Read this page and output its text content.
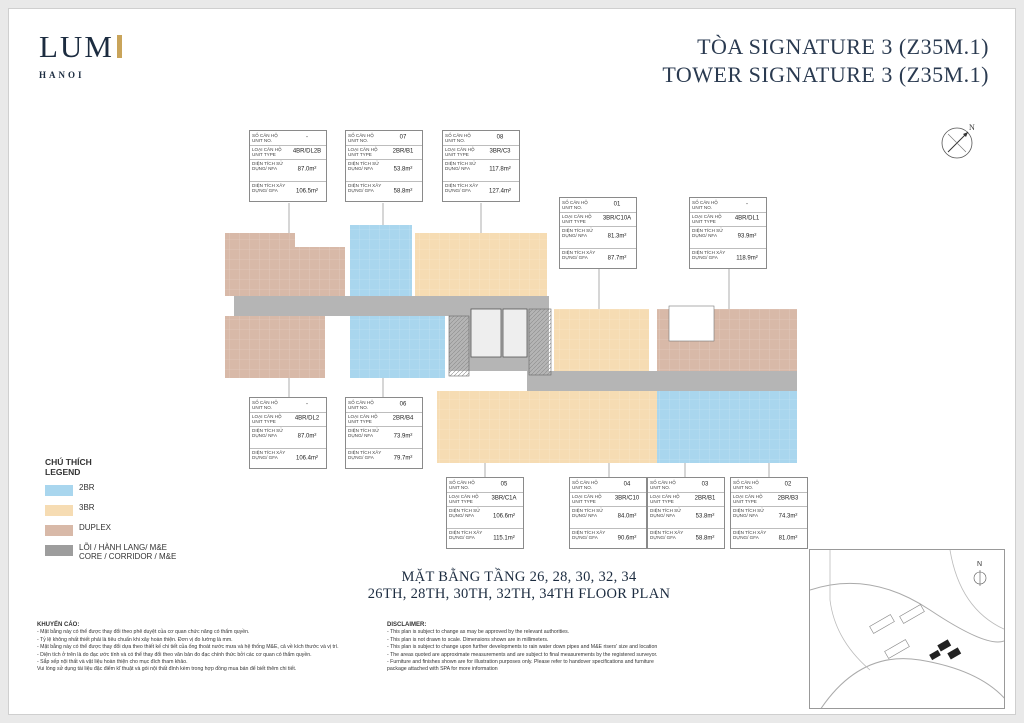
LUM
HANOI
TÒA SIGNATURE 3 (Z35M.1)
TOWER SIGNATURE 3 (Z35M.1)
N
SỐ CĂN HỘ
UNIT NO.
-
LOẠI CĂN HỘ
UNIT TYPE
4BR/DL2B
DIỆN TÍCH SỬ
DỤNG/ NFA	87.0m²
DIỆN TÍCH XÂY
DỰNG/ GFA	106.5m²
SỐ CĂN HỘ
UNIT NO.
07
LOẠI CĂN HỘ
UNIT TYPE
2BR/B1
DIỆN TÍCH SỬ
DỤNG/ NFA	53.8m²
DIỆN TÍCH XÂY
DỰNG/ GFA	58.8m²
SỐ CĂN HỘ
UNIT NO.
08
LOẠI CĂN HỘ
UNIT TYPE
3BR/C3
DIỆN TÍCH SỬ
DỤNG/ NFA	117.8m²
DIỆN TÍCH XÂY
DỰNG/ GFA	127.4m²
SỐ CĂN HỘ
UNIT NO.
01
LOẠI CĂN HỘ
UNIT TYPE
3BR/C10A
DIỆN TÍCH SỬ
DỤNG/ NFA	81.3m²
DIỆN TÍCH XÂY
DỰNG/ GFA	87.7m²
SỐ CĂN HỘ
UNIT NO.
-
LOẠI CĂN HỘ
UNIT TYPE
4BR/DL1
DIỆN TÍCH SỬ
DỤNG/ NFA	93.9m²
DIỆN TÍCH XÂY
DỰNG/ GFA	118.9m²
SỐ CĂN HỘ
UNIT NO.
-
LOẠI CĂN HỘ
UNIT TYPE
4BR/DL2
DIỆN TÍCH SỬ
DỤNG/ NFA	87.0m²
DIỆN TÍCH XÂY
DỰNG/ GFA	106.4m²
SỐ CĂN HỘ
UNIT NO.
06
LOẠI CĂN HỘ
UNIT TYPE
2BR/B4
DIỆN TÍCH SỬ
DỤNG/ NFA	73.9m²
DIỆN TÍCH XÂY
DỰNG/ GFA	79.7m²
SỐ CĂN HỘ
UNIT NO.
05
LOẠI CĂN HỘ
UNIT TYPE
3BR/C1A
DIỆN TÍCH SỬ
DỤNG/ NFA	106.6m²
DIỆN TÍCH XÂY
DỰNG/ GFA	115.1m²
SỐ CĂN HỘ
UNIT NO.
04
LOẠI CĂN HỘ
UNIT TYPE
3BR/C10
DIỆN TÍCH SỬ
DỤNG/ NFA	84.0m²
DIỆN TÍCH XÂY
DỰNG/ GFA	90.6m²
SỐ CĂN HỘ
UNIT NO.
03
LOẠI CĂN HỘ
UNIT TYPE
2BR/B1
DIỆN TÍCH SỬ
DỤNG/ NFA	53.8m²
DIỆN TÍCH XÂY
DỰNG/ GFA	58.8m²
SỐ CĂN HỘ
UNIT NO.
02
LOẠI CĂN HỘ
UNIT TYPE
2BR/B3
DIỆN TÍCH SỬ
DỤNG/ NFA	74.3m²
DIỆN TÍCH XÂY
DỰNG/ GFA	81.0m²
CHÚ THÍCH
LEGEND
2BR
3BR
DUPLEX
LÕI / HÀNH LANG/ M&E
CORE / CORRIDOR / M&E
MẶT BẰNG TẦNG 26, 28, 30, 32, 34
26TH, 28TH, 30TH, 32TH, 34TH FLOOR PLAN
KHUYẾN CÁO:
- Mặt bằng này có thể được thay đổi theo phê duyệt của cơ quan chức năng có thẩm quyền.
- Tỷ lệ không nhất thiết phải là tiêu chuẩn khi xây hoàn thiện. Đơn vị đo lường là mm.
- Mặt bằng này có thể được thay đổi dựa theo thiết kế chi tiết của ống thoát nước mưa và hệ thống M&E, cả về kích thước và vị trí.
- Diện tích ở trên là do đạc ước tính và có thể thay đổi theo văn bản đo đạc chính thức bởi các cơ quan có thẩm quyền.
- Sắp xếp nội thất và vật liệu hoàn thiện cho mục đích tham khảo.
Vui lòng sử dụng tài liệu đặc điểm kĩ thuật và gói nội thất đính kèm trong hợp đồng mua bán để biết thêm chi tiết.
DISCLAIMER:
- This plan is subject to change as may be approved by the relevant authorities.
- This plan is not drawn to scale. Dimensions shown are in millimeters.
- This plan is subject to change upon further developments to rain water down pipes and M&E risers' size and location
- The areas quoted are approximate measurements and are subject to final measurements by the registered surveyor.
- Furniture and finishes shown are for illustration purposes only. Please refer to handover specifications and furniture
package attached with SPA for more information
N
